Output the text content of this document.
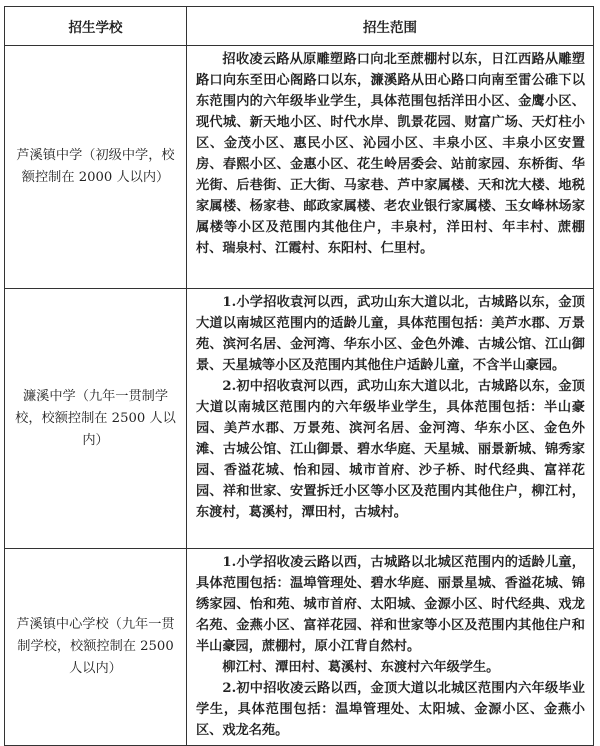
招生学校	招生范围
芦溪镇中学（初级中学，校额控制在 2000 人以内）	招收凌云路从原雕塑路口向北至蔗棚村以东，日江西路从雕塑路口向东至田心阁路口以东，濂溪路从田心路口向南至雷公碓下以东范围内的六年级毕业学生，具体范围包括洋田小区、金鹰小区、现代城、新天地小区、时代水岸、凯景花园、财富广场、天灯柱小区、金茂小区、惠民小区、沁园小区、丰泉小区、丰泉小区安置房、春熙小区、金惠小区、花生岭居委会、站前家园、东桥街、华光街、后巷街、正大街、马家巷、芦中家属楼、天和沈大楼、地税家属楼、杨家巷、邮政家属楼、老农业银行家属楼、玉女峰林场家属楼等小区及范围内其他住户，丰泉村，洋田村、年丰村、蔗棚村、瑞泉村、江霞村、东阳村、仁里村。

濂溪中学（九年一贯制学校，校额控制在 2500 人以内）	1.小学招收袁河以西，武功山东大道以北，古城路以东，金顶大道以南城区范围内的适龄儿童，具体范围包括：美芦水郡、万景苑、滨河名居、金河湾、华东小区、金色外滩、古城公馆、江山御景、天星城等小区及范围内其他住户适龄儿童，不含半山豪园。
2.初中招收袁河以西，武功山东大道以北，古城路以东，金顶大道以南城区范围内的六年级毕业学生，具体范围包括：半山豪园、美芦水郡、万景苑、滨河名居、金河湾、华东小区、金色外滩、古城公馆、江山御景、碧水华庭、天星城、丽景新城、锦秀家园、香溢花城、怡和园、城市首府、沙子桥、时代经典、富祥花园、祥和世家、安置拆迁小区等小区及范围内其他住户，柳江村，东渡村，葛溪村，潭田村，古城村。

芦溪镇中心学校（九年一贯制学校，校额控制在 2500 人以内）	1.小学招收凌云路以西，古城路以北城区范围内的适龄儿童，具体范围包括：温埠管理处、碧水华庭、丽景星城、香溢花城、锦绣家园、怡和苑、城市首府、太阳城、金源小区、时代经典、戏龙名苑、金燕小区、富祥花园、祥和世家等小区及范围内其他住户和半山豪园，蔗棚村，原小江背自然村。
柳江村、潭田村、葛溪村、东渡村六年级学生。
2.初中招收凌云路以西，金顶大道以北城区范围内六年级毕业学生，具体范围包括：温埠管理处、太阳城、金源小区、金燕小区、戏龙名苑。
